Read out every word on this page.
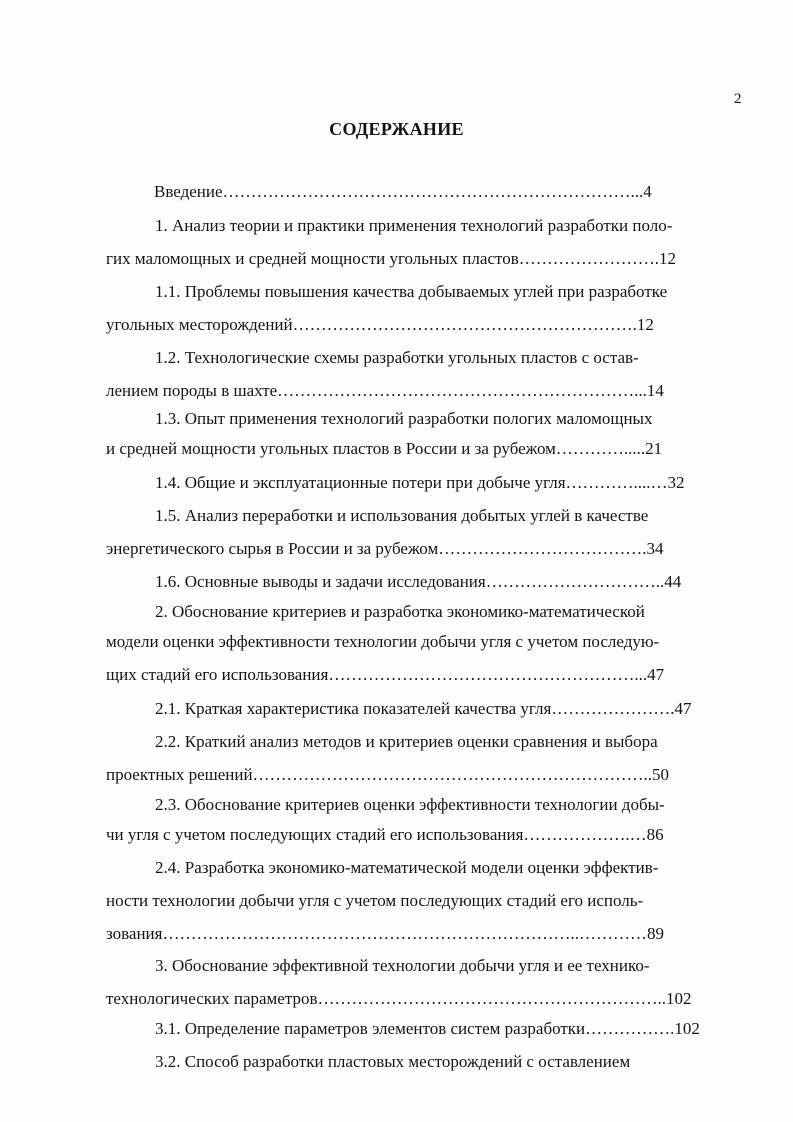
2
СОДЕРЖАНИЕ
Введение………………………………………………………………...4
1. Анализ теории и практики применения технологий разработки поло-
гих маломощных и средней мощности угольных пластов…………………….12
1.1. Проблемы повышения качества добываемых углей при разработке
угольных месторождений…………………………………………………….12
1.2. Технологические схемы разработки угольных пластов с остав-
лением породы в шахте………………………………………………………...14
1.3. Опыт применения технологий разработки пологих маломощных
и средней мощности угольных пластов в России и за рубежом………….....21
1.4. Общие и эксплуатационные потери при добыче угля…………....…32
1.5. Анализ переработки и использования добытых углей в качестве
энергетического сырья в России и за рубежом……………………………….34
1.6. Основные выводы и задачи исследования…………………………..44
2. Обоснование критериев и разработка экономико-математической
модели оценки эффективности технологии добычи угля с учетом последую-
щих стадий его использования………………………………………………...47
2.1. Краткая характеристика показателей качества угля………………….47
2.2. Краткий анализ методов и критериев оценки сравнения и выбора
проектных решений……………………………………………………………..50
2.3. Обоснование критериев оценки эффективности технологии добы-
чи угля с учетом последующих стадий его использования……………….…86
2.4. Разработка экономико-математической модели оценки эффектив-
ности технологии добычи угля с учетом последующих стадий его исполь-
зования………………………………………………………………..…………89
3. Обоснование эффективной технологии добычи угля и ее технико-
технологических параметров……………………………………………………..102
3.1. Определение параметров элементов систем разработки…………….102
3.2. Способ разработки пластовых месторождений с оставлением
